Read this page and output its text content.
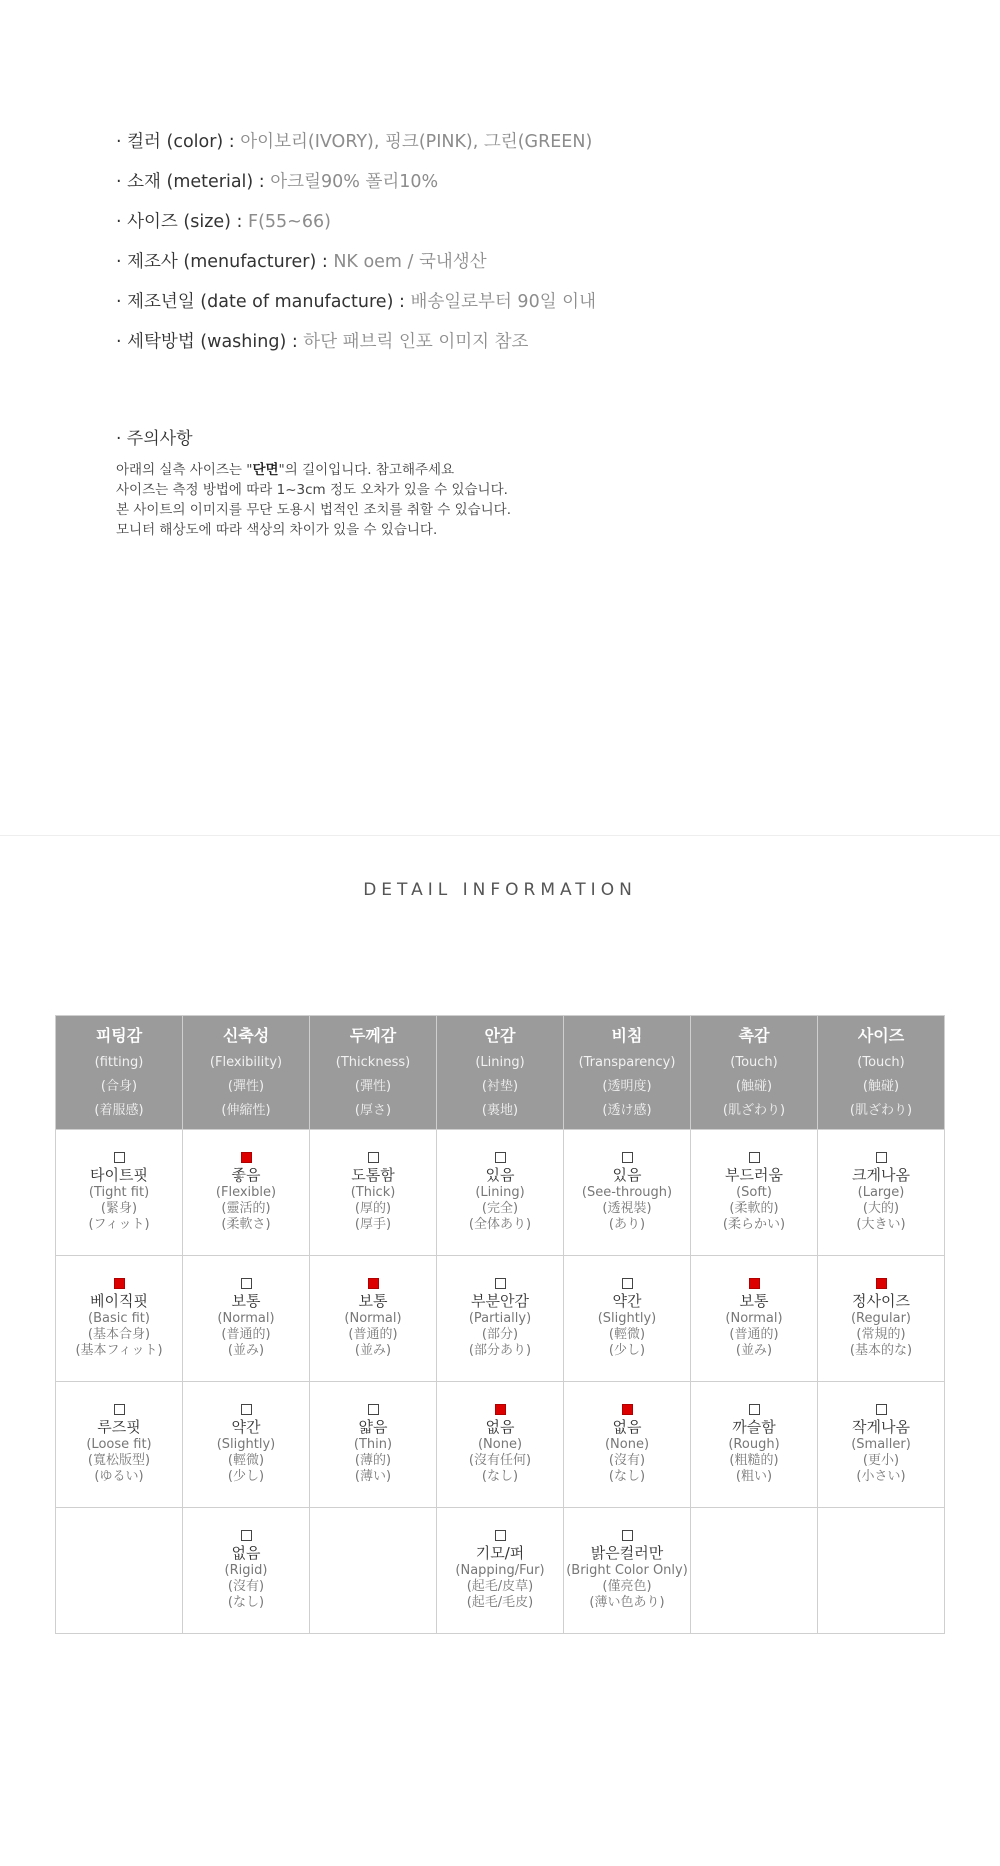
· 컬러 (color) : 아이보리(IVORY), 핑크(PINK), 그린(GREEN)
· 소재 (meterial) : 아크릴90% 폴리10%
· 사이즈 (size) : F(55~66)
· 제조사 (menufacturer) : NK oem / 국내생산
· 제조년일 (date of manufacture) : 배송일로부터 90일 이내
· 세탁방법 (washing) : 하단 패브릭 인포 이미지 참조
· 주의사항
아래의 실측 사이즈는 "단면"의 길이입니다. 참고해주세요
사이즈는 측정 방법에 따라 1~3cm 정도 오차가 있을 수 있습니다.
본 사이트의 이미지를 무단 도용시 법적인 조치를 취할 수 있습니다.
모니터 해상도에 따라 색상의 차이가 있을 수 있습니다.
DETAIL INFORMATION
피팅감
(fitting)
(合身)
(着服感)
신축성
(Flexibility)
(彈性)
(伸縮性)
두께감
(Thickness)
(彈性)
(厚さ)
안감
(Lining)
(衬垫)
(裏地)
비침
(Transparency)
(透明度)
(透け感)
촉감
(Touch)
(触碰)
(肌ざわり)
사이즈
(Touch)
(触碰)
(肌ざわり)
타이트핏
(Tight fit)
(緊身)
(フィット)
좋음
(Flexible)
(靈活的)
(柔軟さ)
도톰함
(Thick)
(厚的)
(厚手)
있음
(Lining)
(完全)
(全体あり)
있음
(See-through)
(透視裝)
(あり)
부드러움
(Soft)
(柔軟的)
(柔らかい)
크게나옴
(Large)
(大的)
(大きい)
베이직핏
(Basic fit)
(基本合身)
(基本フィット)
보통
(Normal)
(普通的)
(並み)
보통
(Normal)
(普通的)
(並み)
부분안감
(Partially)
(部分)
(部分あり)
약간
(Slightly)
(輕微)
(少し)
보통
(Normal)
(普通的)
(並み)
정사이즈
(Regular)
(常規的)
(基本的な)
루즈핏
(Loose fit)
(寬松版型)
(ゆるい)
약간
(Slightly)
(輕微)
(少し)
얇음
(Thin)
(薄的)
(薄い)
없음
(None)
(沒有任何)
(なし)
없음
(None)
(沒有)
(なし)
까슬함
(Rough)
(粗糙的)
(粗い)
작게나옴
(Smaller)
(更小)
(小さい)
없음
(Rigid)
(沒有)
(なし)
기모/퍼
(Napping/Fur)
(起毛/皮草)
(起毛/毛皮)
밝은컬러만
(Bright Color Only)
(僅亮色)
(薄い色あり)
